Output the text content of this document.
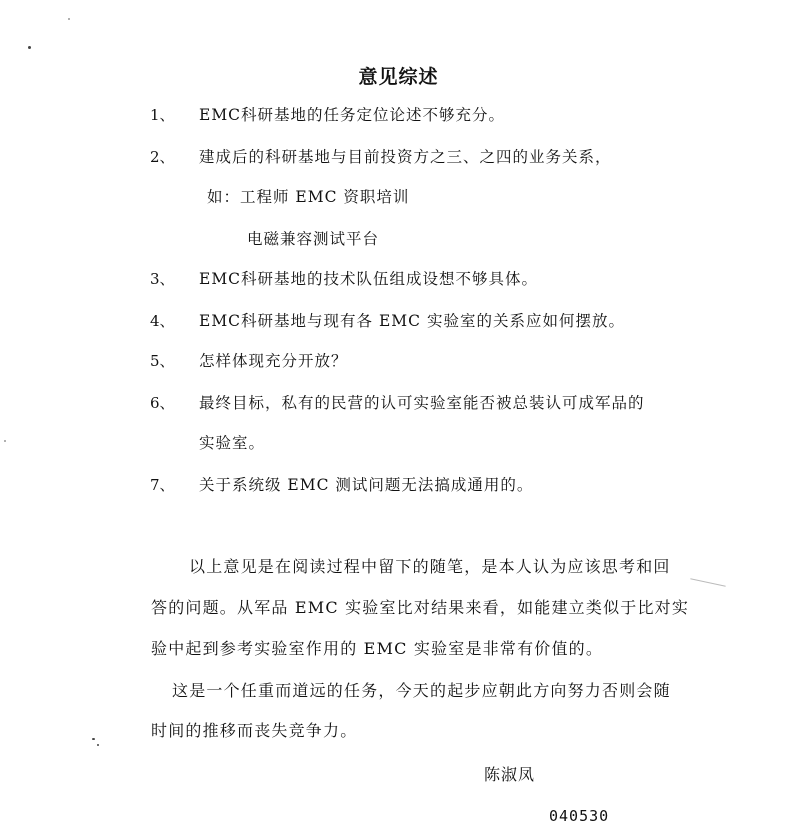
意见综述
1、 EMC科研基地的任务定位论述不够充分。
2、 建成后的科研基地与目前投资方之三、之四的业务关系，
如：工程师 EMC 资职培训
电磁兼容测试平台
3、 EMC科研基地的技术队伍组成设想不够具体。
4、 EMC科研基地与现有各 EMC 实验室的关系应如何摆放。
5、 怎样体现充分开放？
6、 最终目标，私有的民营的认可实验室能否被总装认可成军品的
实验室。
7、 关于系统级 EMC 测试问题无法搞成通用的。
以上意见是在阅读过程中留下的随笔，是本人认为应该思考和回
答的问题。从军品 EMC 实验室比对结果来看，如能建立类似于比对实
验中起到参考实验室作用的 EMC 实验室是非常有价值的。
这是一个任重而道远的任务，今天的起步应朝此方向努力否则会随
时间的推移而丧失竞争力。
陈淑凤
040530
